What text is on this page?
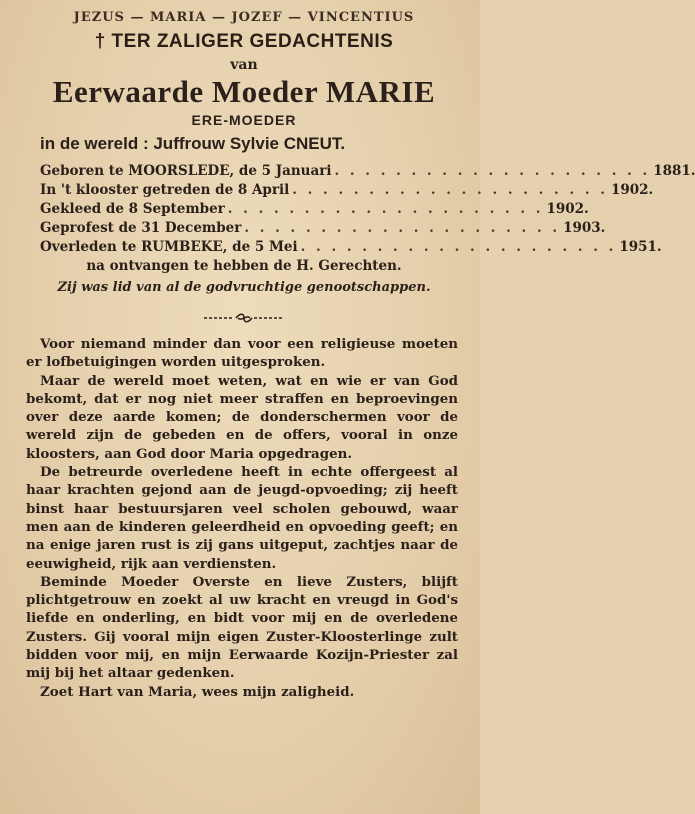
JEZUS — MARIA — JOZEF — VINCENTIUS
† TER ZALIGER GEDACHTENIS
van
Eerwaarde Moeder MARIE
ERE-MOEDER
in de wereld : Juffrouw Sylvie CNEUT.
Geboren te MOORSLEDE, de 5 Januari . . . . . . . . . . . . . . . . . . . . . 1881.
In 't klooster getreden de 8 April . . . . . . . . . . . . . . . . . . . . . 1902.
Gekleed de 8 September . . . . . . . . . . . . . . . . . . . . . 1902.
Geprofest de 31 December . . . . . . . . . . . . . . . . . . . . . 1903.
Overleden te RUMBEKE, de 5 Mei . . . . . . . . . . . . . . . . . . . . . 1951.
na ontvangen te hebben de H. Gerechten.
Zij was lid van al de godvruchtige genootschappen.

Voor niemand minder dan voor een religieuse moeten er lofbetuigingen worden uitgesproken.

Maar de wereld moet weten, wat en wie er van God bekomt, dat er nog niet meer straffen en beproevingen over deze aarde komen; de donderschermen voor de wereld zijn de gebeden en de offers, vooral in onze kloosters, aan God door Maria opgedragen.

De betreurde overledene heeft in echte offergeest al haar krachten gejond aan de jeugd-opvoeding; zij heeft binst haar bestuursjaren veel scholen gebouwd, waar men aan de kinderen geleerdheid en opvoeding geeft; en na enige jaren rust is zij gans uitgeput, zachtjes naar de eeuwigheid, rijk aan verdiensten.

Beminde Moeder Overste en lieve Zusters, blijft plichtgetrouw en zoekt al uw kracht en vreugd in God's liefde en onderling, en bidt voor mij en de overledene Zusters. Gij vooral mijn eigen Zuster-Kloosterlinge zult bidden voor mij, en mijn Eerwaarde Kozijn-Priester zal mij bij het altaar gedenken.

Zoet Hart van Maria, wees mijn zaligheid.
